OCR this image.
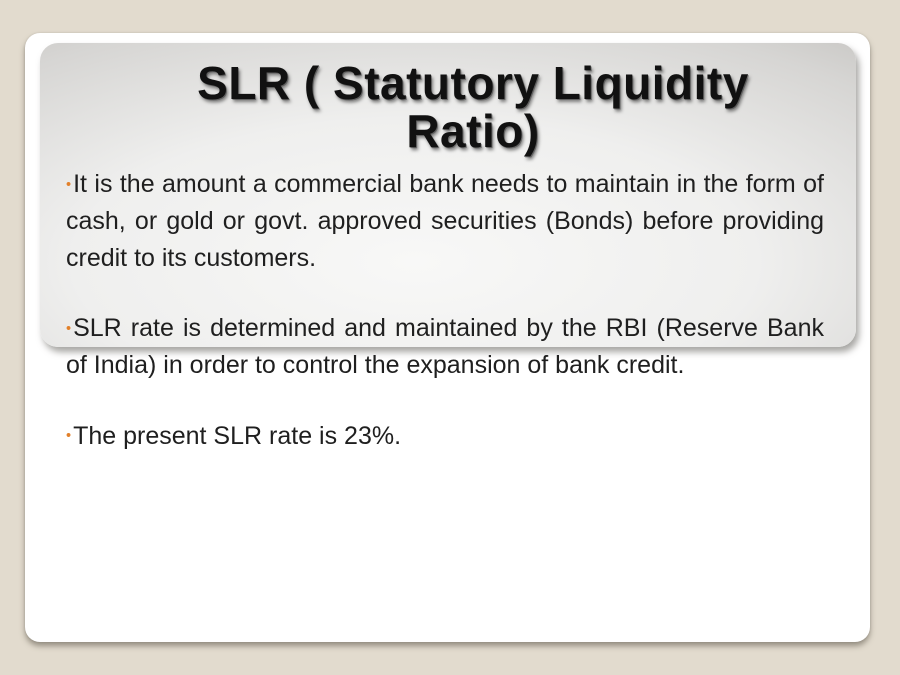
SLR ( Statutory Liquidity
Ratio)

•It is the amount a commercial bank needs to maintain in the form of cash, or gold or govt. approved securities (Bonds) before providing credit to its customers.

•SLR rate is determined and maintained by the RBI (Reserve Bank of India) in order to control the expansion of bank credit.

•The present SLR rate is 23%.
